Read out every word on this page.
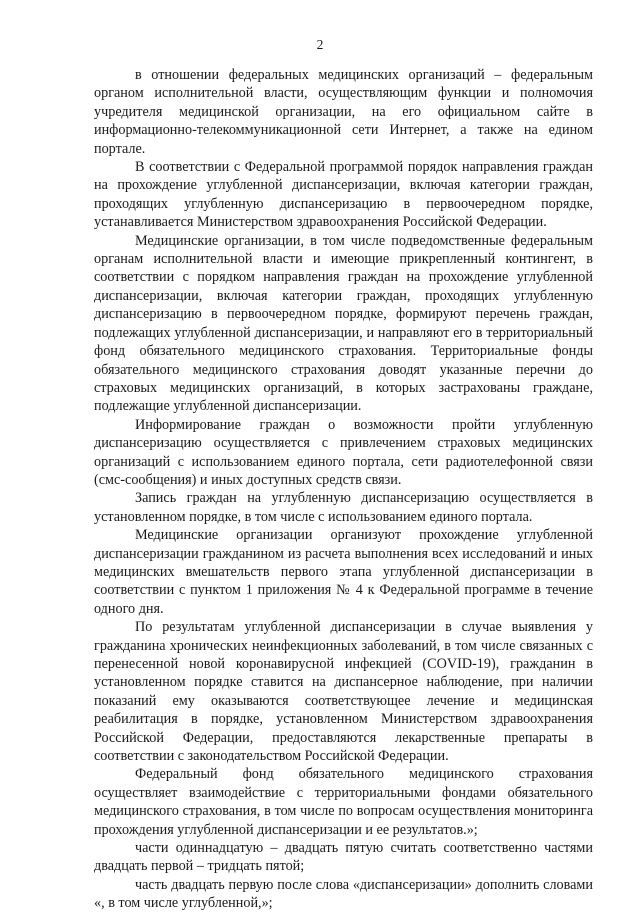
2

в отношении федеральных медицинских организаций – федеральным органом исполнительной власти, осуществляющим функции и полномочия учредителя медицинской организации, на его официальном сайте в информационно-телекоммуникационной сети Интернет, а также на едином портале.

В соответствии с Федеральной программой порядок направления граждан на прохождение углубленной диспансеризации, включая категории граждан, проходящих углубленную диспансеризацию в первоочередном порядке, устанавливается Министерством здравоохранения Российской Федерации.

Медицинские организации, в том числе подведомственные федеральным органам исполнительной власти и имеющие прикрепленный контингент, в соответствии с порядком направления граждан на прохождение углубленной диспансеризации, включая категории граждан, проходящих углубленную диспансеризацию в первоочередном порядке, формируют перечень граждан, подлежащих углубленной диспансеризации, и направляют его в территориальный фонд обязательного медицинского страхования. Территориальные фонды обязательного медицинского страхования доводят указанные перечни до страховых медицинских организаций, в которых застрахованы граждане, подлежащие углубленной диспансеризации.

Информирование граждан о возможности пройти углубленную диспансеризацию осуществляется с привлечением страховых медицинских организаций с использованием единого портала, сети радиотелефонной связи (смс-сообщения) и иных доступных средств связи.

Запись граждан на углубленную диспансеризацию осуществляется в установленном порядке, в том числе с использованием единого портала.

Медицинские организации организуют прохождение углубленной диспансеризации гражданином из расчета выполнения всех исследований и иных медицинских вмешательств первого этапа углубленной диспансеризации в соответствии с пунктом 1 приложения № 4 к Федеральной программе в течение одного дня.

По результатам углубленной диспансеризации в случае выявления у гражданина хронических неинфекционных заболеваний, в том числе связанных с перенесенной новой коронавирусной инфекцией (COVID-19), гражданин в установленном порядке ставится на диспансерное наблюдение, при наличии показаний ему оказываются соответствующее лечение и медицинская реабилитация в порядке, установленном Министерством здравоохранения Российской Федерации, предоставляются лекарственные препараты в соответствии с законодательством Российской Федерации.

Федеральный фонд обязательного медицинского страхования осуществляет взаимодействие с территориальными фондами обязательного медицинского страхования, в том числе по вопросам осуществления мониторинга прохождения углубленной диспансеризации и ее результатов.»;

части одиннадцатую – двадцать пятую считать соответственно частями двадцать первой – тридцать пятой;

часть двадцать первую после слова «диспансеризации» дополнить словами «, в том числе углубленной,»;
